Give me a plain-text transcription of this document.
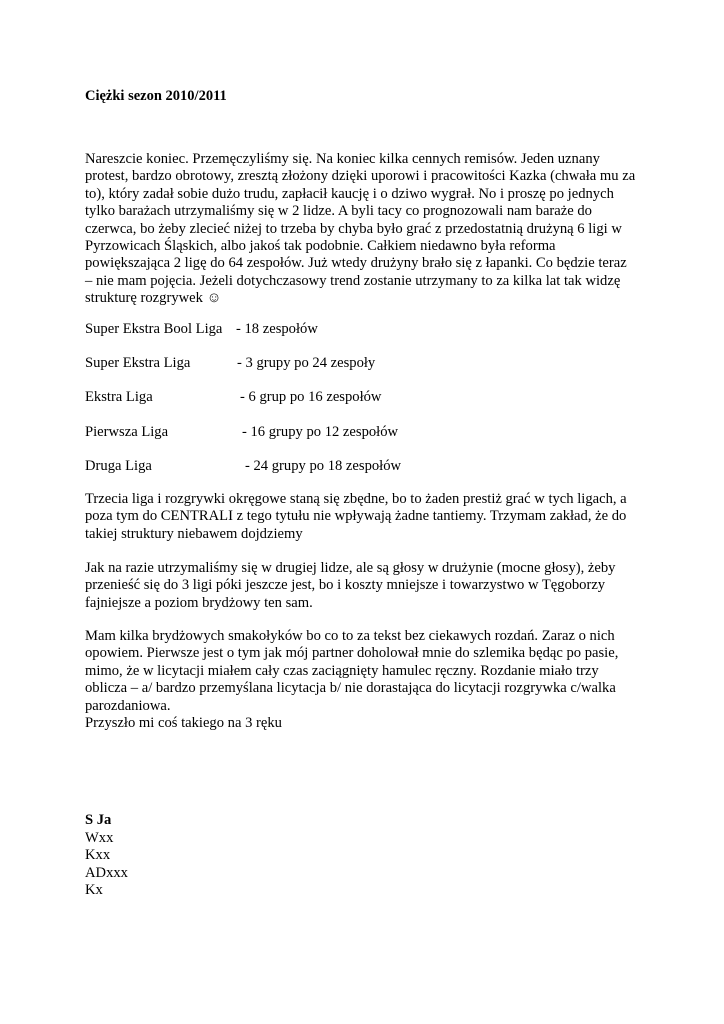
Ciężki sezon 2010/2011
Nareszcie koniec. Przemęczyliśmy się. Na koniec kilka cennych remisów. Jeden uznany
protest, bardzo obrotowy, zresztą złożony dzięki uporowi i pracowitości Kazka (chwała mu za
to), który zadał sobie dużo trudu, zapłacił kaucję i o dziwo wygrał. No i proszę po jednych
tylko barażach utrzymaliśmy się w 2 lidze. A byli tacy co prognozowali nam baraże do
czerwca, bo żeby zlecieć niżej to trzeba by chyba było grać z przedostatnią drużyną 6 ligi w
Pyrzowicach Śląskich, albo jakoś tak podobnie. Całkiem niedawno była reforma
powiększająca 2 ligę do 64 zespołów. Już wtedy drużyny brało się z łapanki. Co będzie teraz
– nie mam pojęcia. Jeżeli dotychczasowy trend zostanie utrzymany to za kilka lat tak widzę
strukturę rozgrywek ☺
Super Ekstra Bool Liga - 18 zespołów
Super Ekstra Liga	- 3 grupy po 24 zespoły
Ekstra Liga	- 6 grup po 16 zespołów
Pierwsza Liga	- 16 grupy po 12 zespołów
Druga Liga	- 24 grupy po 18 zespołów
Trzecia liga i rozgrywki okręgowe staną się zbędne, bo to żaden prestiż grać w tych ligach, a
poza tym do CENTRALI z tego tytułu nie wpływają żadne tantiemy. Trzymam zakład, że do
takiej struktury niebawem dojdziemy
Jak na razie utrzymaliśmy się w drugiej lidze, ale są głosy w drużynie (mocne głosy), żeby
przenieść się do 3 ligi póki jeszcze jest, bo i koszty mniejsze i towarzystwo w Tęgoborzy
fajniejsze a poziom brydżowy ten sam.
Mam kilka brydżowych smakołyków bo co to za tekst bez ciekawych rozdań. Zaraz o nich
opowiem. Pierwsze jest o tym jak mój partner doholował mnie do szlemika będąc po pasie,
mimo, że w licytacji miałem cały czas zaciągnięty hamulec ręczny. Rozdanie miało trzy
oblicza – a/ bardzo przemyślana licytacja b/ nie dorastająca do licytacji rozgrywka c/walka
parozdaniowa.
Przyszło mi coś takiego na 3 ręku
S Ja
Wxx
Kxx
ADxxx
Kx
